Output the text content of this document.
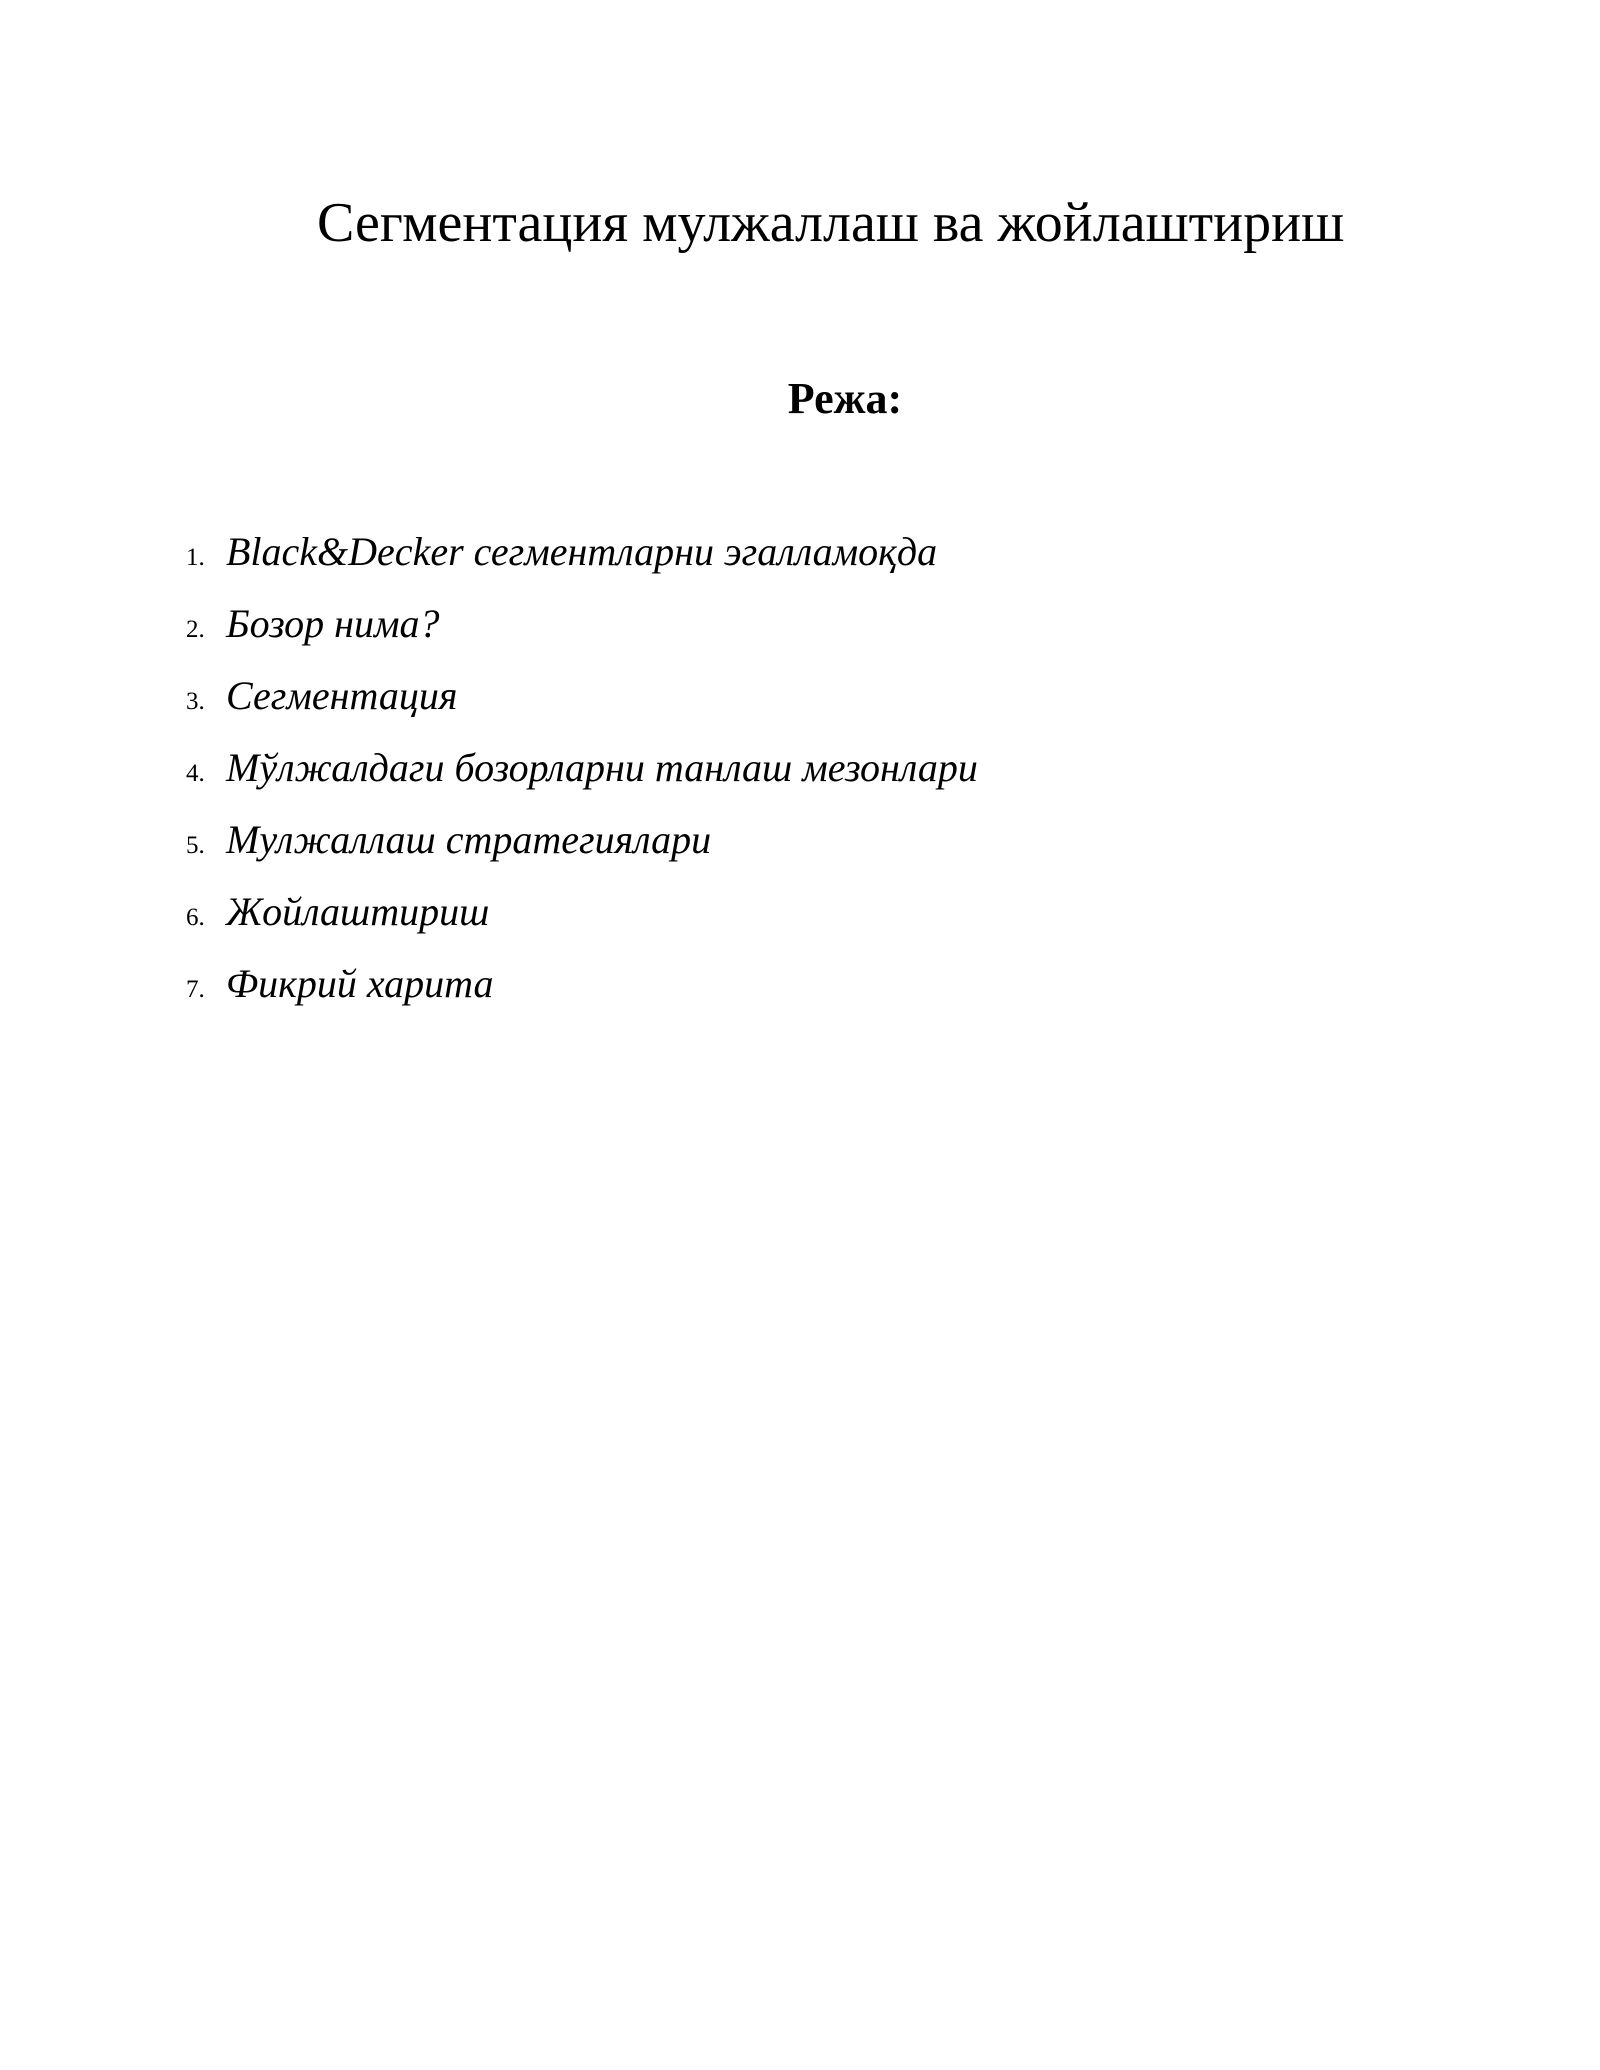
Сегментация мулжаллаш ва жойлаштириш
Режа:
1. Black&Decker сегментларни эгалламоқда
2. Бозор нима?
3. Сегментация
4. Мўлжалдаги бозорларни танлаш мезонлари
5. Мулжаллаш стратегиялари
6. Жойлаштириш
7. Фикрий харита
